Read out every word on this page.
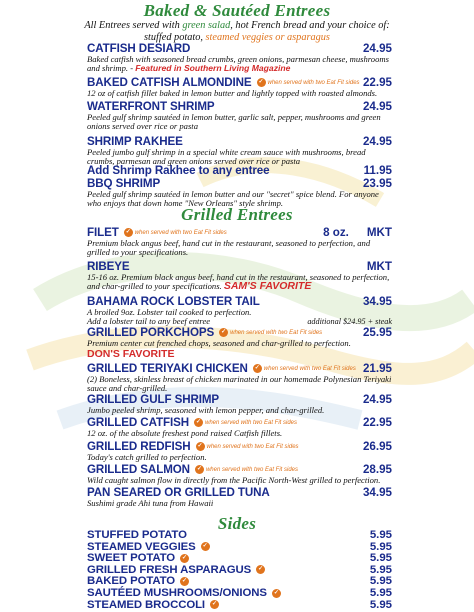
Baked & Sautéed Entrees
All Entrees served with green salad, hot French bread and your choice of:
stuffed potato, steamed veggies or asparagus
CATFISH DESIARD	24.95
Baked catfish with seasoned bread crumbs, green onions, parmesan cheese, mushrooms and shrimp. - Featured in Southern Living Magazine
BAKED CATFISH ALMONDINE	✓ when served with two Eat Fit sides 22.95
12 oz of catfish fillet baked in lemon butter and lightly topped with roasted almonds.
WATERFRONT SHRIMP	24.95
Peeled gulf shrimp sautéed in lemon butter, garlic salt, pepper, mushrooms and green onions served over rice or pasta
SHRIMP RAKHEE	24.95
Peeled jumbo gulf shrimp in a special white cream sauce with mushrooms, bread crumbs, parmesan and green onions served over rice or pasta
Add Shrimp Rakhee to any entree	11.95
BBQ SHRIMP	23.95
Peeled gulf shrimp sautéed in lemon butter and our "secret" spice blend. For anyone who enjoys that down home "New Orleans" style shrimp.
Grilled Entrees
FILET	✓ when served with two Eat Fit sides	8 oz. MKT
Premium black angus beef, hand cut in the restaurant, seasoned to perfection, and grilled to your specifications.
RIBEYE	MKT
15-16 oz. Premium black angus beef, hand cut in the restaurant, seasoned to perfection, and char-grilled to your specifications. SAM'S FAVORITE
BAHAMA ROCK LOBSTER TAIL	34.95
A broiled 9oz. Lobster tail cooked to perfection.
Add a lobster tail to any beef entree	additional $24.95 + steak
GRILLED PORKCHOPS	✓ when served with two Eat Fit sides	25.95
Premium center cut frenched chops, seasoned and char-grilled to perfection.
DON'S FAVORITE
GRILLED TERIYAKI CHICKEN	✓ when served with two Eat Fit sides 21.95
(2) Boneless, skinless breast of chicken marinated in our homemade Polynesian Teriyaki sauce and char-grilled.
GRILLED GULF SHRIMP	24.95
Jumbo peeled shrimp, seasoned with lemon pepper, and char-grilled.
GRILLED CATFISH	✓ when served with two Eat Fit sides	22.95
12 oz. of the absolute freshest pond raised Catfish fillets.
GRILLED REDFISH	✓ when served with two Eat Fit sides	26.95
Today's catch grilled to perfection.
GRILLED SALMON	✓ when served with two Eat Fit sides	28.95
Wild caught salmon flow in directly from the Pacific North-West grilled to perfection.
PAN SEARED OR GRILLED TUNA	34.95
Sushimi grade Ahi tuna from Hawaii
Sides
STUFFED POTATO	5.95
STEAMED VEGGIES	✓	5.95
SWEET POTATO	✓	5.95
GRILLED FRESH ASPARAGUS	✓	5.95
BAKED POTATO	✓	5.95
SAUTÉED MUSHROOMS/ONIONS	✓	5.95
STEAMED BROCCOLI	✓	5.95
